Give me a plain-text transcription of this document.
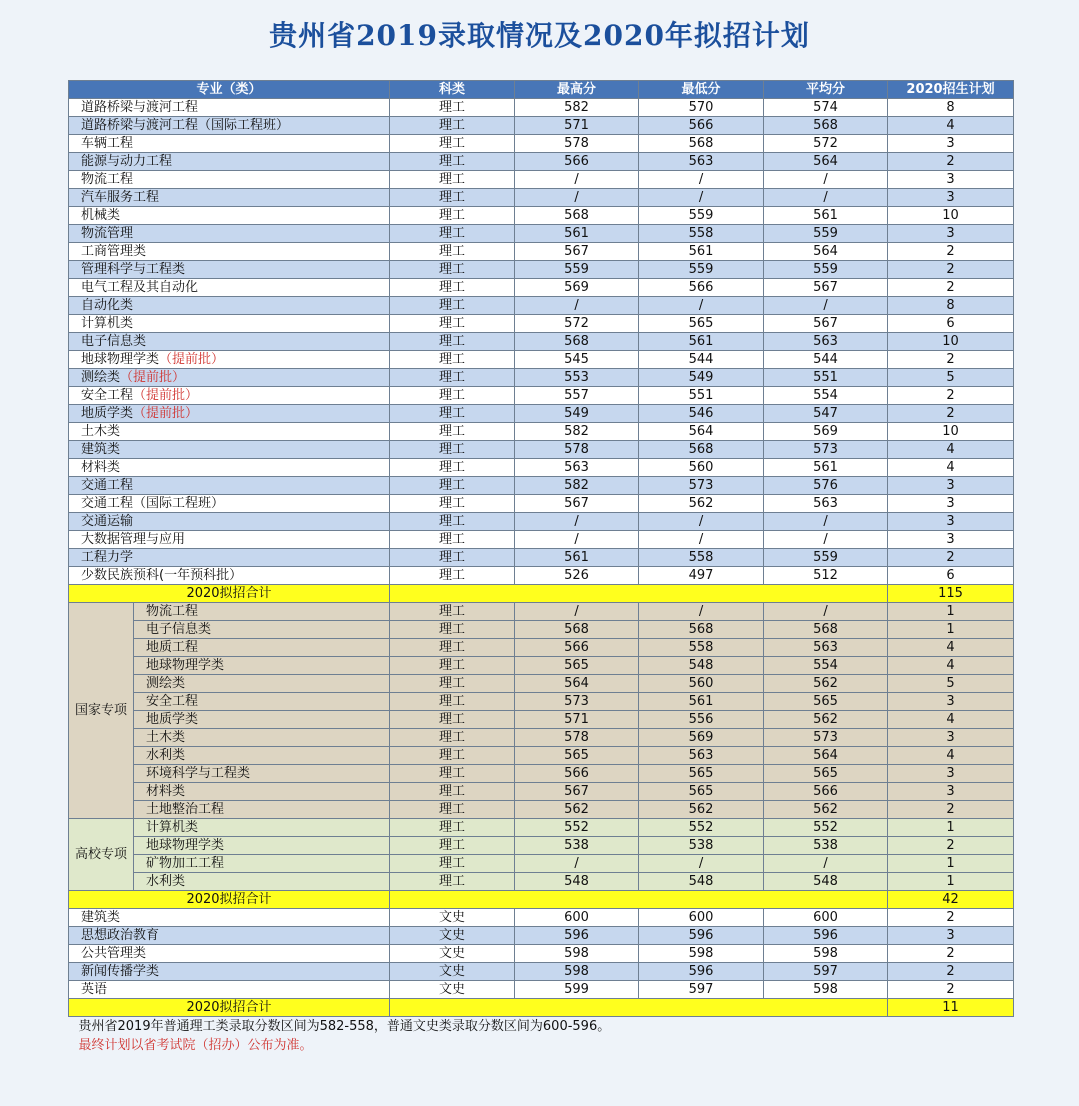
贵州省2019录取情况及2020年拟招计划
专业（类）		科类	最高分	最低分	平均分	2020招生计划
道路桥梁与渡河工程		理工	582	570	574	8
道路桥梁与渡河工程（国际工程班）		理工	571	566	568	4
车辆工程		理工	578	568	572	3
能源与动力工程		理工	566	563	564	2
物流工程		理工	/	/	/	3
汽车服务工程		理工	/	/	/	3
机械类		理工	568	559	561	10
物流管理		理工	561	558	559	3
工商管理类		理工	567	561	564	2
管理科学与工程类		理工	559	559	559	2
电气工程及其自动化		理工	569	566	567	2
自动化类		理工	/	/	/	8
计算机类		理工	572	565	567	6
电子信息类		理工	568	561	563	10
地球物理学类（提前批）		理工	545	544	544	2
测绘类（提前批）		理工	553	549	551	5
安全工程（提前批）		理工	557	551	554	2
地质学类（提前批）		理工	549	546	547	2
土木类		理工	582	564	569	10
建筑类		理工	578	568	573	4
材料类		理工	563	560	561	4
交通工程		理工	582	573	576	3
交通工程（国际工程班）		理工	567	562	563	3
交通运输		理工	/	/	/	3
大数据管理与应用		理工	/	/	/	3
工程力学		理工	561	558	559	2
少数民族预科(一年预科批）		理工	526	497	512	6
2020拟招合计						115
国家专项	物流工程	理工	/	/	/	1
	电子信息类	理工	568	568	568	1
	地质工程	理工	566	558	563	4
	地球物理学类	理工	565	548	554	4
	测绘类	理工	564	560	562	5
	安全工程	理工	573	561	565	3
	地质学类	理工	571	556	562	4
	土木类	理工	578	569	573	3
	水利类	理工	565	563	564	4
	环境科学与工程类	理工	566	565	565	3
	材料类	理工	567	565	566	3
	土地整治工程	理工	562	562	562	2
高校专项	计算机类	理工	552	552	552	1
	地球物理学类	理工	538	538	538	2
	矿物加工工程	理工	/	/	/	1
	水利类	理工	548	548	548	1
2020拟招合计						42
建筑类		文史	600	600	600	2
思想政治教育		文史	596	596	596	3
公共管理类		文史	598	598	598	2
新闻传播学类		文史	598	596	597	2
英语		文史	599	597	598	2
2020拟招合计						11
贵州省2019年普通理工类录取分数区间为582-558，普通文史类录取分数区间为600-596。						
最终计划以省考试院（招办）公布为准。						
